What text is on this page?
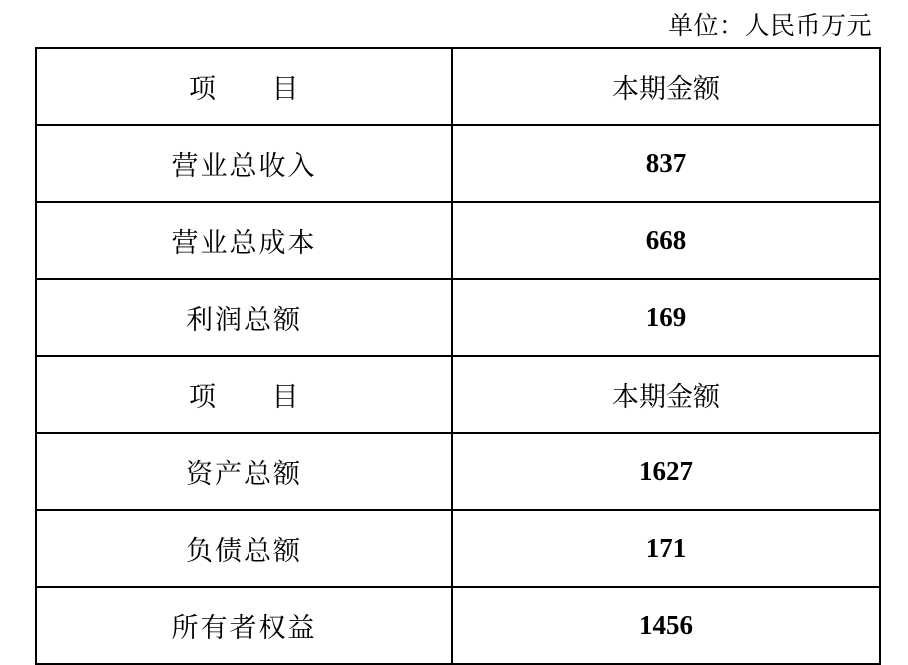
单位：人民币万元
项　　目	本期金额
营业总收入	837
营业总成本	668
利润总额	169
项　　目	本期金额
资产总额	1627
负债总额	171
所有者权益	1456
